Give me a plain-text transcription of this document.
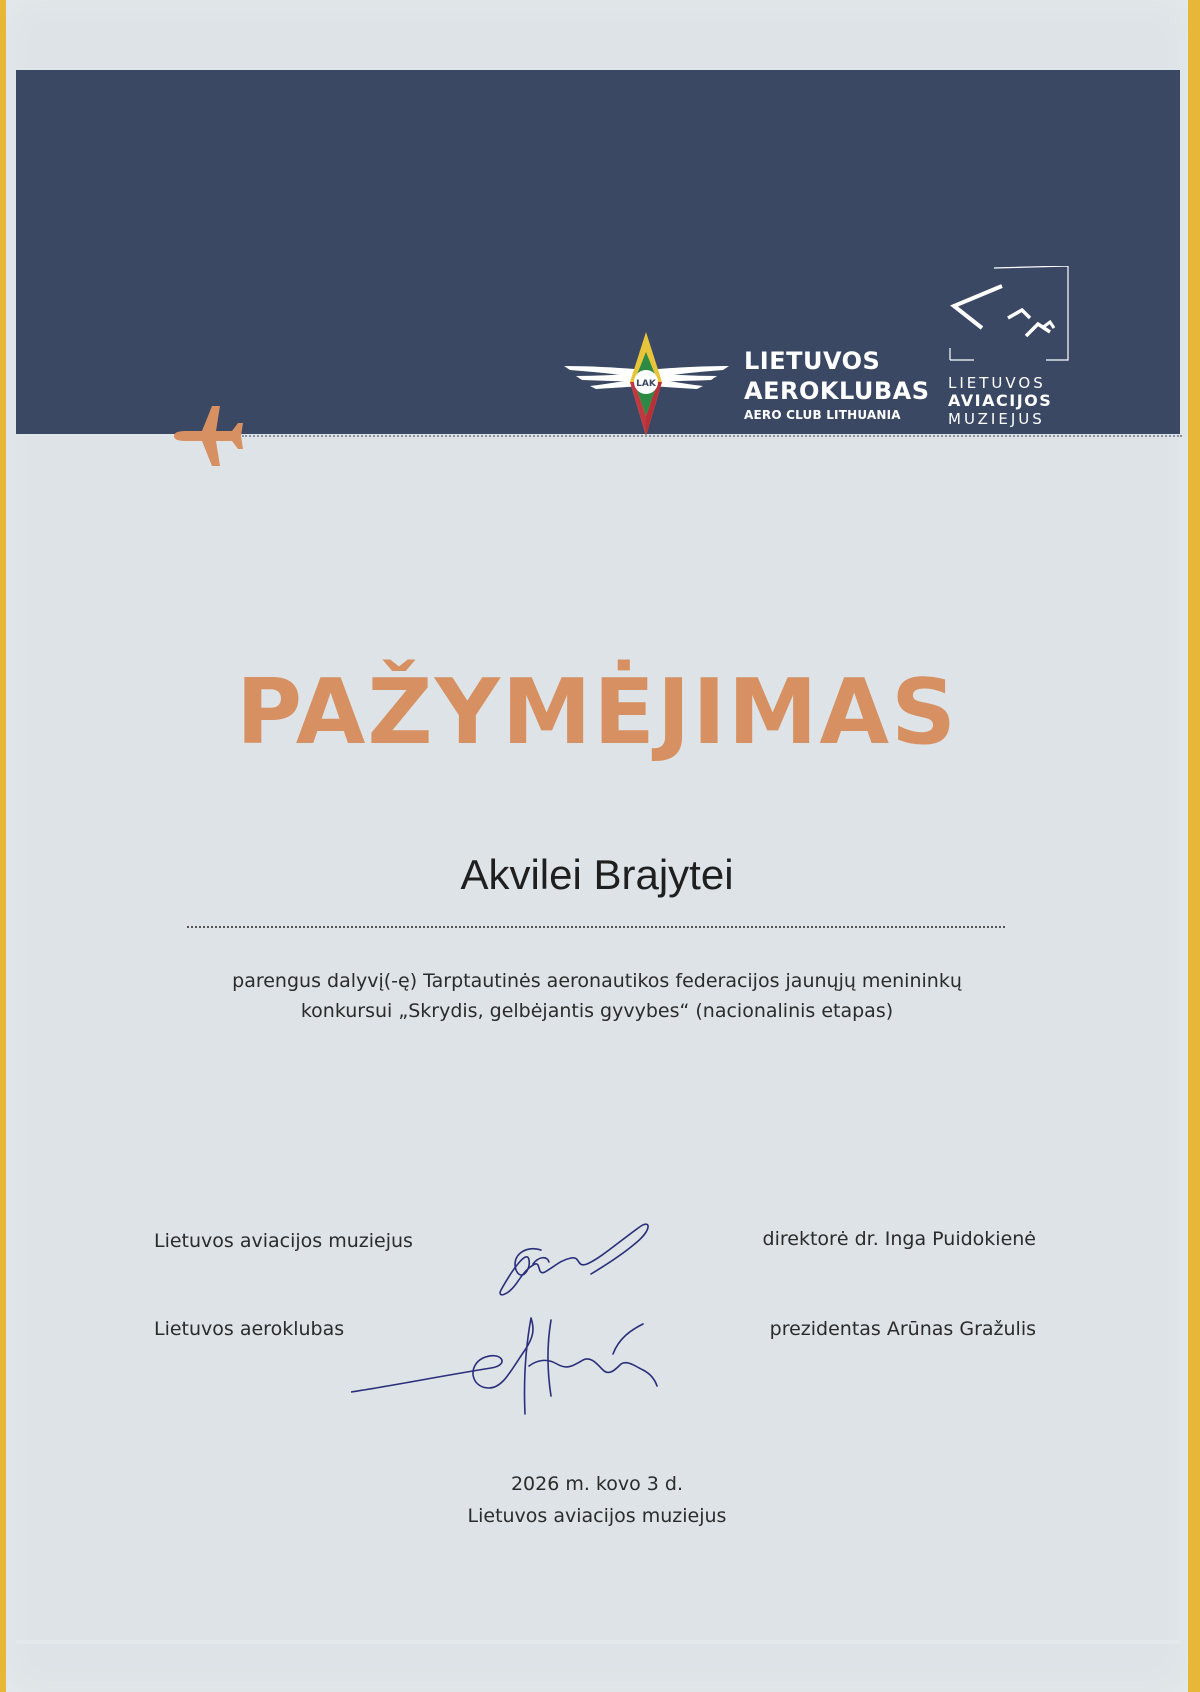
LAK
LIETUVOS
AEROKLUBAS
AERO CLUB LITHUANIA
LIETUVOS
AVIACIJOS
MUZIEJUS
PAŽYMĖJIMAS
Akvilei Brajytei
parengus dalyvį(-ę) Tarptautinės aeronautikos federacijos jaunųjų menininkų
konkursui „Skrydis, gelbėjantis gyvybes“ (nacionalinis etapas)
Lietuvos aviacijos muziejus	direktorė dr. Inga Puidokienė
Lietuvos aeroklubas	prezidentas Arūnas Gražulis
2026 m. kovo 3 d.
Lietuvos aviacijos muziejus
